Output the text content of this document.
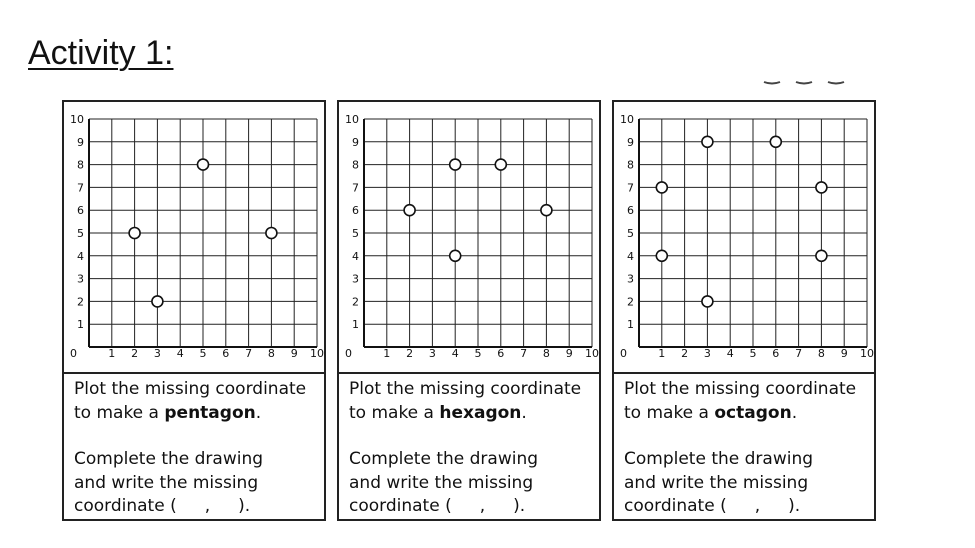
Activity 1:
0	1 2 3 4 5 6 7 8 9 10
1
2
3
4
5
6
7
8
9
10

Plot the missing coordinate

to make a pentagon.

Complete the drawing

and write the missing

coordinate ( , ).

0	1 2 3 4 5 6 7 8 9 10
1
2
3
4
5
6
7
8
9
10

Plot the missing coordinate

to make a hexagon.

Complete the drawing

and write the missing

coordinate ( , ).

0	1 2 3 4 5 6 7 8 9 10
1
2
3
4
5
6
7
8
9
10

Plot the missing coordinate

to make a octagon.

Complete the drawing

and write the missing

coordinate ( , ).
